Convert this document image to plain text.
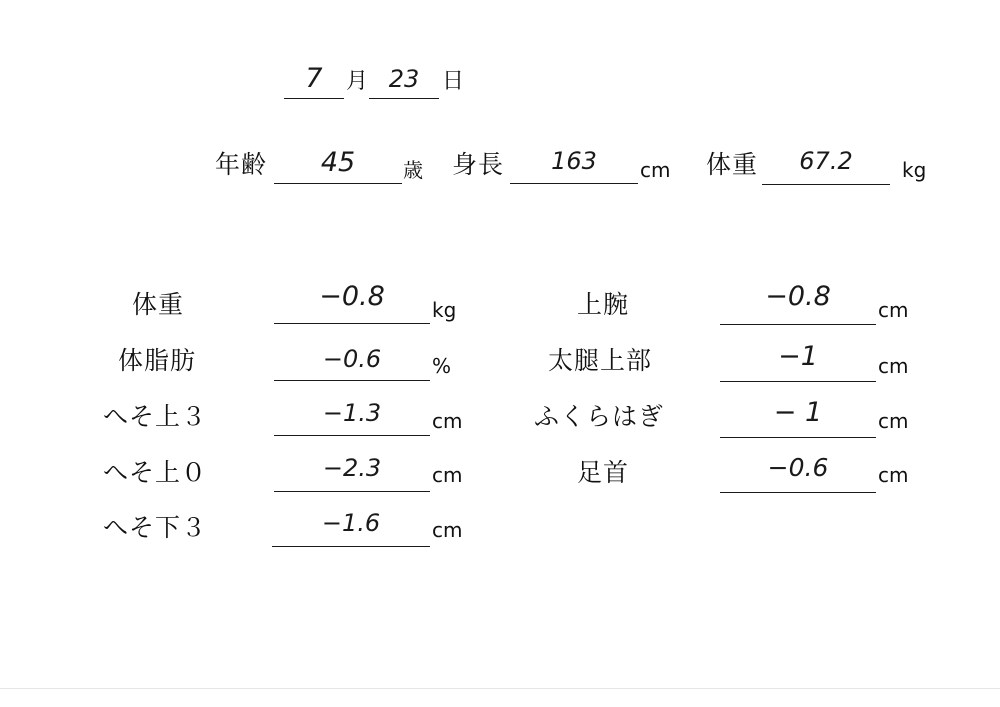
7	月 23	日
年齢	45	歳 身長	163	cm 体重	67.2	kg
体重	−0.8	kg
体脂肪	−0.6	%
へそ上３	−1.3	cm
へそ上０	−2.3	cm
へそ下３	−1.6	cm
上腕	−0.8	cm
太腿上部	−1	cm
ふくらはぎ	− 1	cm
足首	−0.6	cm
